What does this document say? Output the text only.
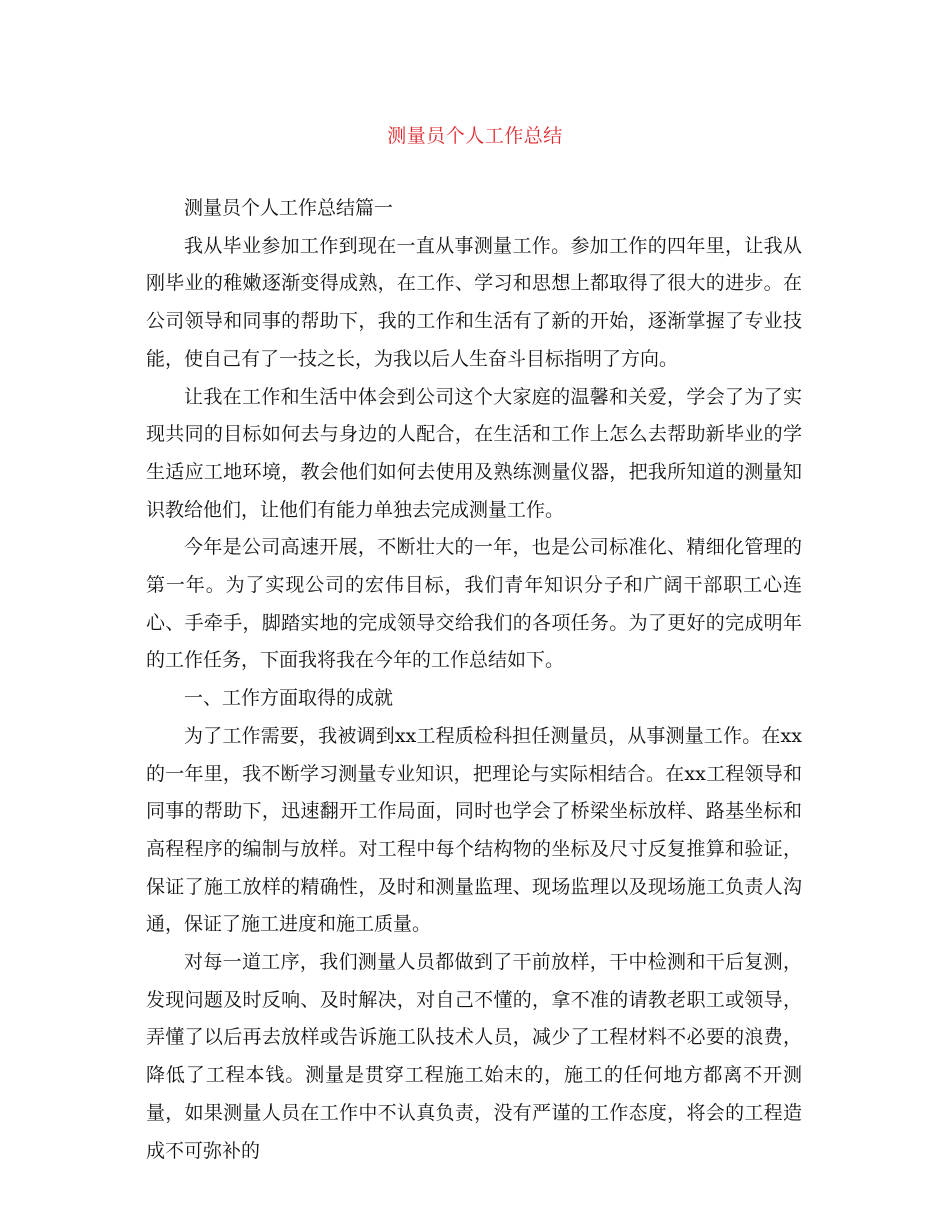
测量员个人工作总结

测量员个人工作总结篇一

我从毕业参加工作到现在一直从事测量工作。参加工作的四年里，让我从刚毕业的稚嫩逐渐变得成熟，在工作、学习和思想上都取得了很大的进步。在公司领导和同事的帮助下，我的工作和生活有了新的开始，逐渐掌握了专业技能，使自己有了一技之长，为我以后人生奋斗目标指明了方向。

让我在工作和生活中体会到公司这个大家庭的温馨和关爱，学会了为了实现共同的目标如何去与身边的人配合，在生活和工作上怎么去帮助新毕业的学生适应工地环境，教会他们如何去使用及熟练测量仪器，把我所知道的测量知识教给他们，让他们有能力单独去完成测量工作。

今年是公司高速开展，不断壮大的一年，也是公司标准化、精细化管理的第一年。为了实现公司的宏伟目标，我们青年知识分子和广阔干部职工心连心、手牵手，脚踏实地的完成领导交给我们的各项任务。为了更好的完成明年的工作任务，下面我将我在今年的工作总结如下。

一、工作方面取得的成就

为了工作需要，我被调到xx工程质检科担任测量员，从事测量工作。在xx的一年里，我不断学习测量专业知识，把理论与实际相结合。在xx工程领导和同事的帮助下，迅速翻开工作局面，同时也学会了桥梁坐标放样、路基坐标和高程程序的编制与放样。对工程中每个结构物的坐标及尺寸反复推算和验证，保证了施工放样的精确性，及时和测量监理、现场监理以及现场施工负责人沟通，保证了施工进度和施工质量。

对每一道工序，我们测量人员都做到了干前放样，干中检测和干后复测，发现问题及时反响、及时解决，对自己不懂的，拿不准的请教老职工或领导，弄懂了以后再去放样或告诉施工队技术人员，减少了工程材料不必要的浪费，降低了工程本钱。测量是贯穿工程施工始末的，施工的任何地方都离不开测量，如果测量人员在工作中不认真负责，没有严谨的工作态度，将会的工程造成不可弥补的
